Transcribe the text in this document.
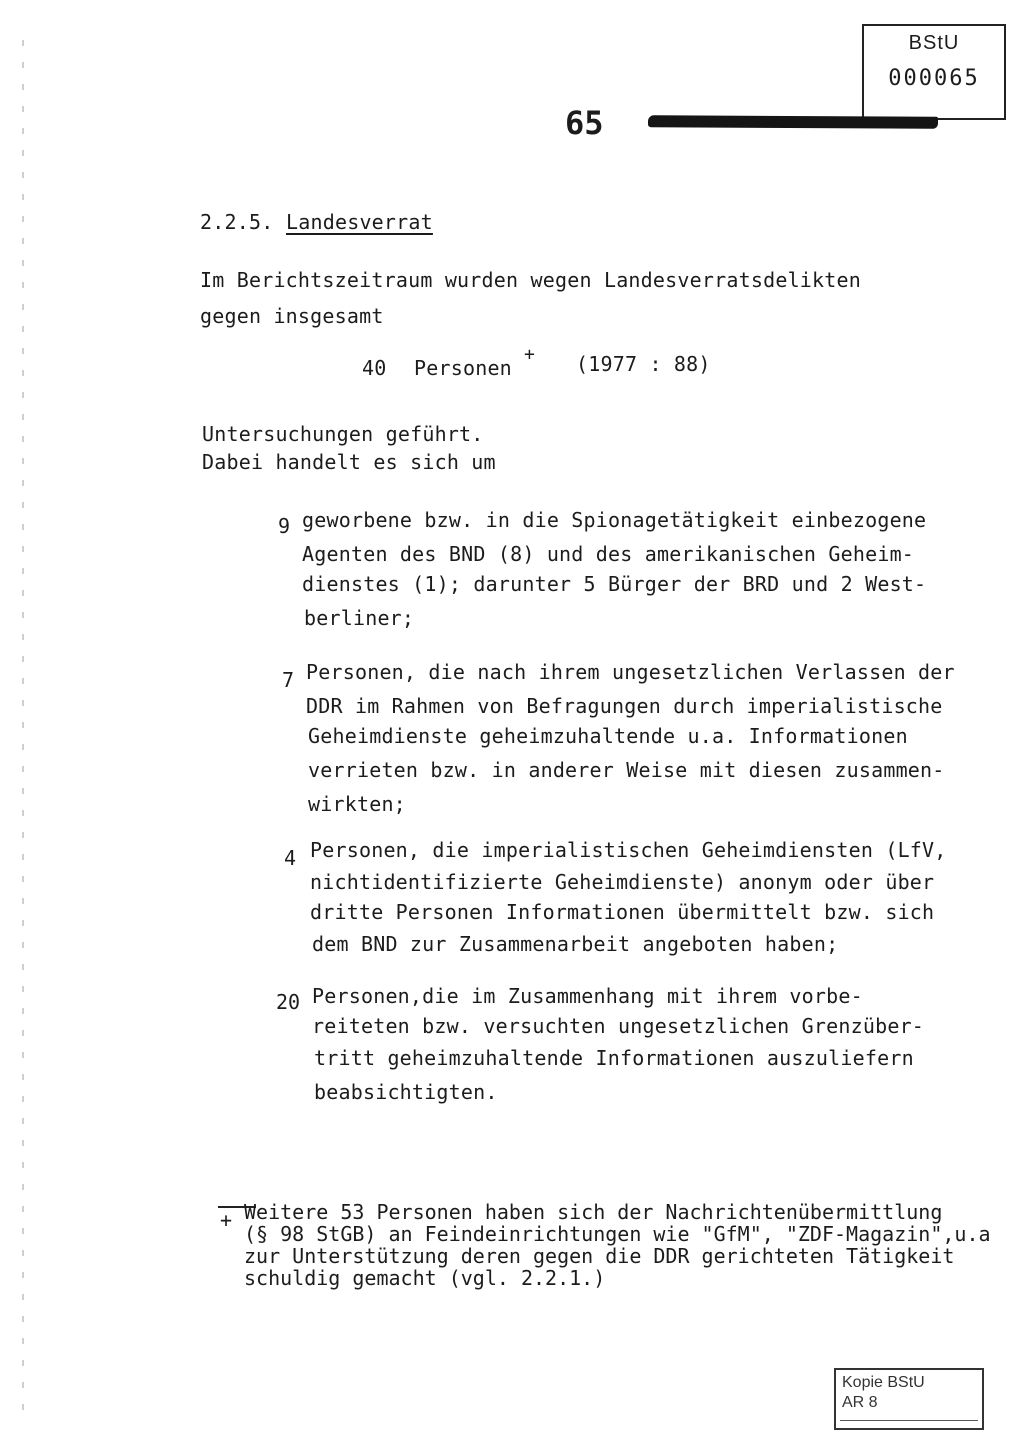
BStU
000065
65
2.2.5. Landesverrat
Im Berichtszeitraum wurden wegen Landesverratsdelikten
gegen insgesamt
40 Personen
+ (1977 : 88)
Untersuchungen geführt.
Dabei handelt es sich um
9 geworbene bzw. in die Spionagetätigkeit einbezogene
Agenten des BND (8) und des amerikanischen Geheim-
dienstes (1); darunter 5 Bürger der BRD und 2 West-
berliner;
7 Personen, die nach ihrem ungesetzlichen Verlassen der
DDR im Rahmen von Befragungen durch imperialistische
Geheimdienste geheimzuhaltende u.a. Informationen
verrieten bzw. in anderer Weise mit diesen zusammen-
wirkten;
4 Personen, die imperialistischen Geheimdiensten (LfV,
nichtidentifizierte Geheimdienste) anonym oder über
dritte Personen Informationen übermittelt bzw. sich
dem BND zur Zusammenarbeit angeboten haben;
20 Personen,die im Zusammenhang mit ihrem vorbe-
reiteten bzw. versuchten ungesetzlichen Grenzüber-
tritt geheimzuhaltende Informationen auszuliefern
beabsichtigten.
+ Weitere 53 Personen haben sich der Nachrichtenübermittlung
(§ 98 StGB) an Feindeinrichtungen wie "GfM", "ZDF-Magazin",u.a
zur Unterstützung deren gegen die DDR gerichteten Tätigkeit
schuldig gemacht (vgl. 2.2.1.)
Kopie BStU
AR 8
